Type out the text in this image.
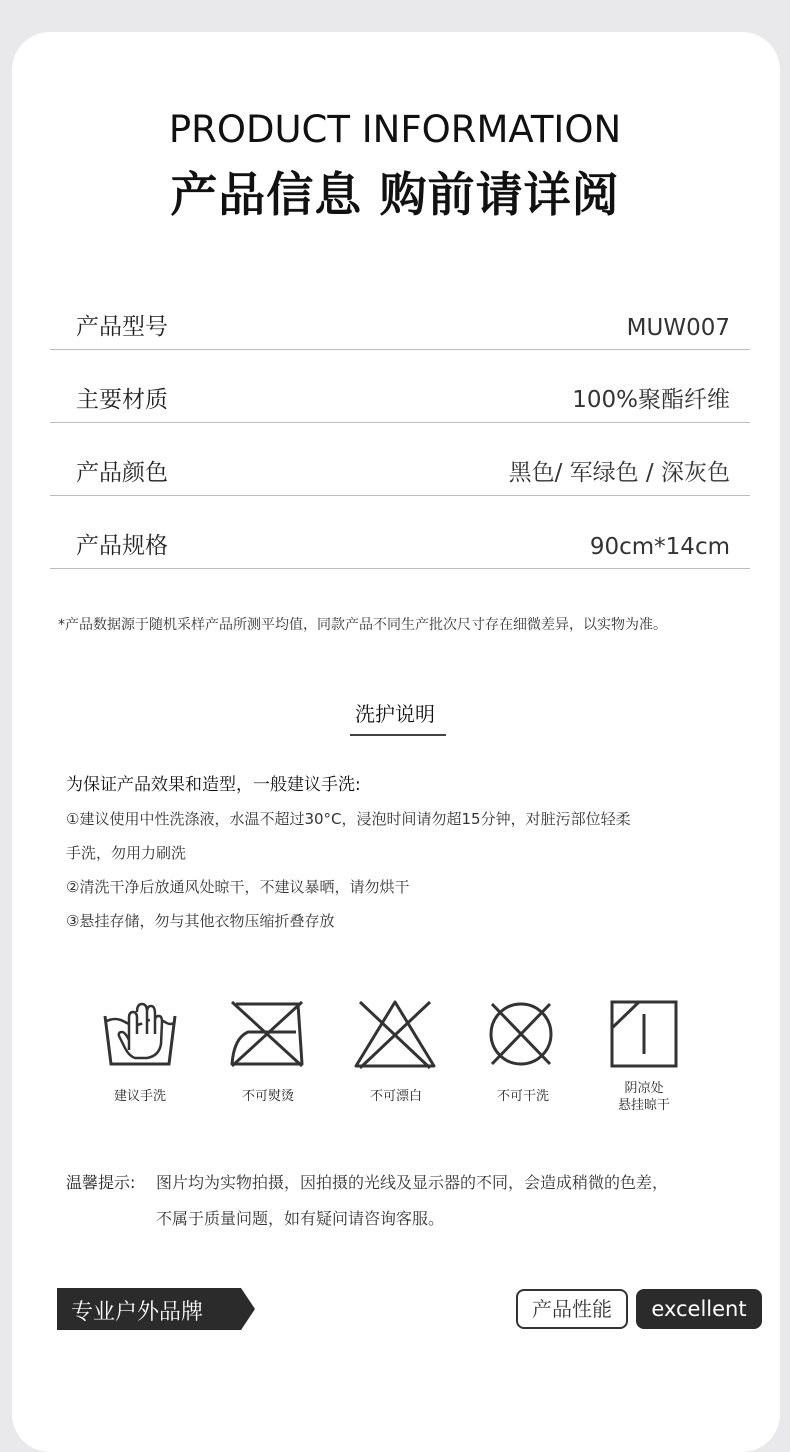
PRODUCT INFORMATION
产品信息 购前请详阅
产品型号	MUW007
主要材质	100%聚酯纤维
产品颜色	黑色/ 军绿色 / 深灰色
产品规格	90cm*14cm
*产品数据源于随机采样产品所测平均值，同款产品不同生产批次尺寸存在细微差异，以实物为准。
洗护说明
为保证产品效果和造型，一般建议手洗:
①建议使用中性洗涤液，水温不超过30°C，浸泡时间请勿超15分钟，对脏污部位轻柔
手洗，勿用力刷洗
②清洗干净后放通风处晾干，不建议暴晒，请勿烘干
③悬挂存储，勿与其他衣物压缩折叠存放
建议手洗	不可熨烫	不可漂白	不可干洗
阴凉处
悬挂晾干
温馨提示: 图片均为实物拍摄，因拍摄的光线及显示器的不同，会造成稍微的色差，
不属于质量问题，如有疑问请咨询客服。
专业户外品牌	产品性能	excellent
